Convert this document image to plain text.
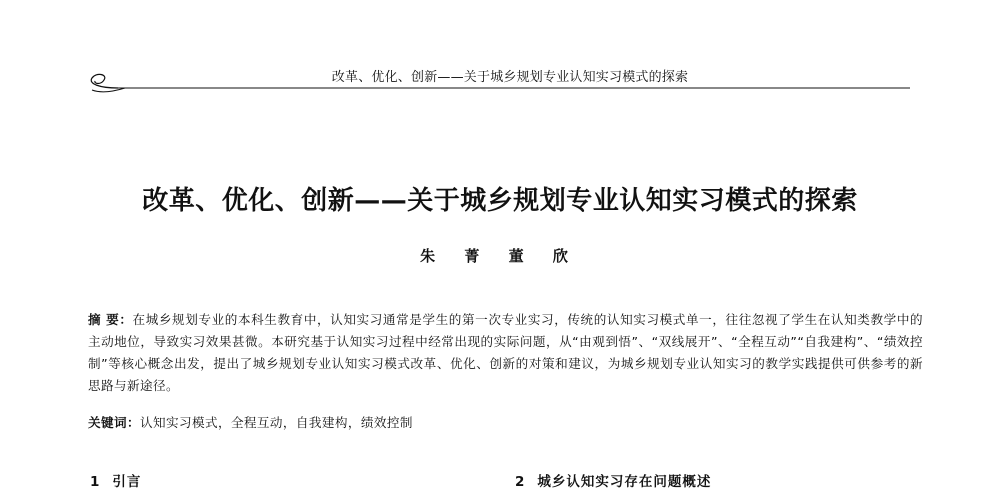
改革、优化、创新——关于城乡规划专业认知实习模式的探索
改革、优化、创新——关于城乡规划专业认知实习模式的探索
朱 菁 董 欣
摘 要：在城乡规划专业的本科生教育中，认知实习通常是学生的第一次专业实习，传统的认知实习模式单一，往往忽视了学生在认知类教学中的主动地位，导致实习效果甚微。本研究基于认知实习过程中经常出现的实际问题，从“由观到悟”、“双线展开”、“全程互动”“自我建构”、“绩效控制”等核心概念出发，提出了城乡规划专业认知实习模式改革、优化、创新的对策和建议，为城乡规划专业认知实习的教学实践提供可供参考的新思路与新途径。
关键词：认知实习模式，全程互动，自我建构，绩效控制
1 引言	2 城乡认知实习存在问题概述
